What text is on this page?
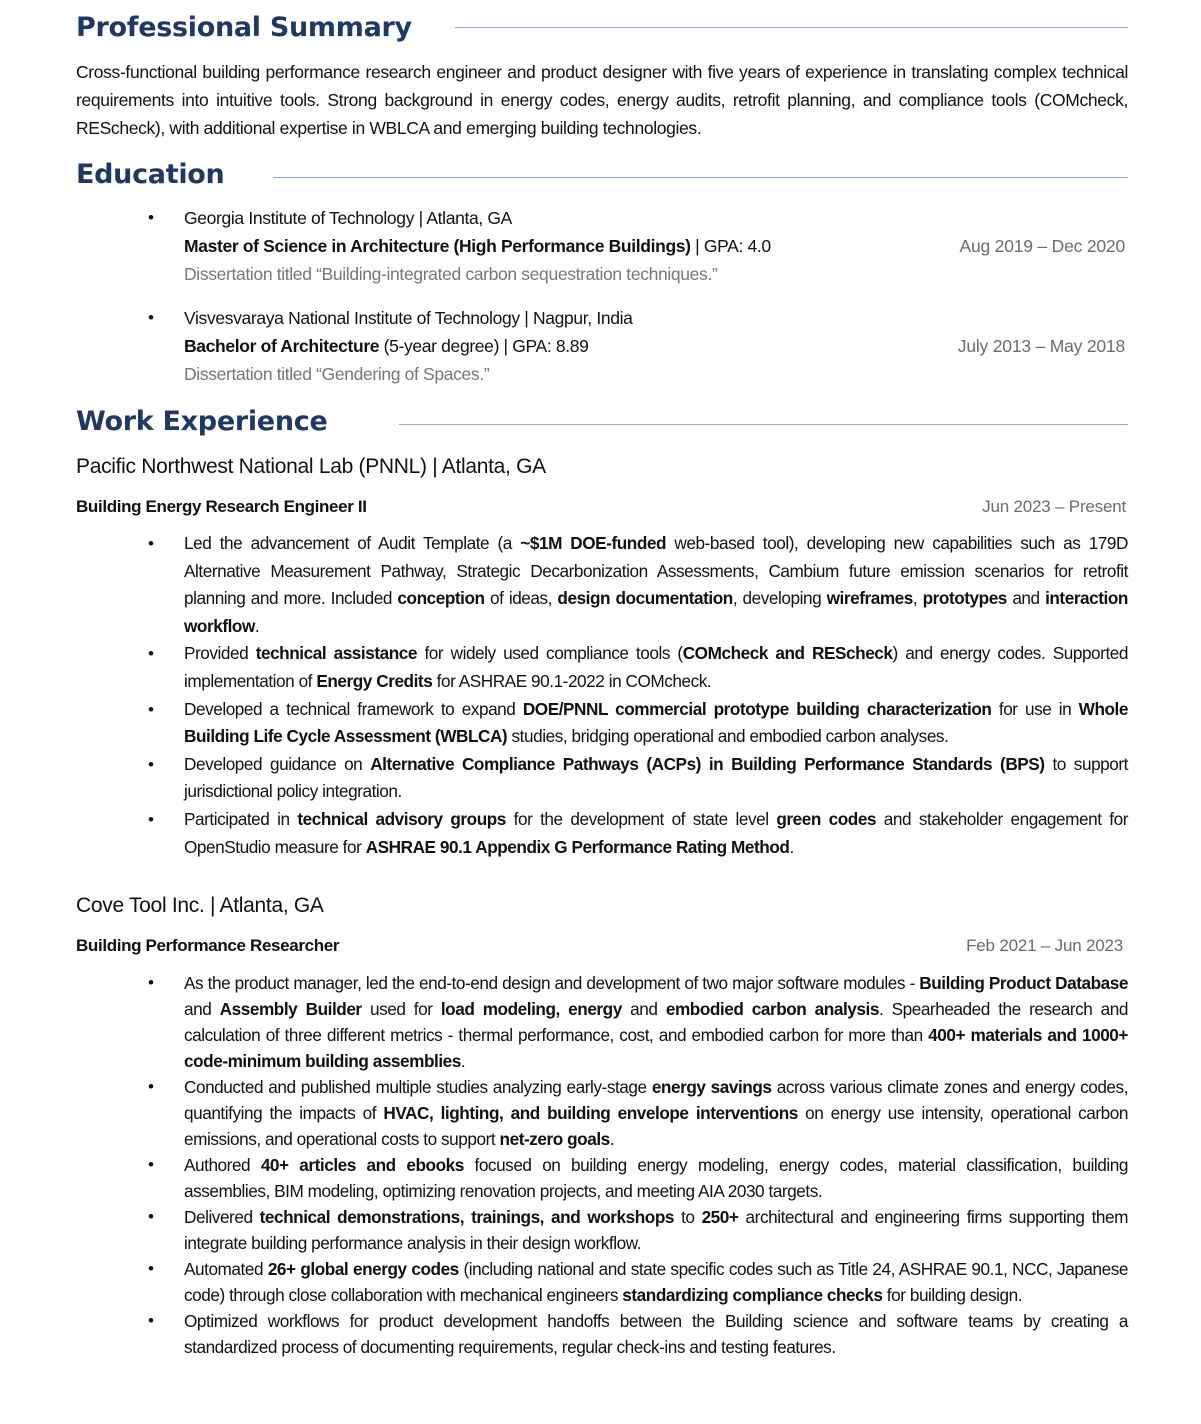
Professional Summary
Cross-functional building performance research engineer and product designer with five years of experience in translating complex technical requirements into intuitive tools. Strong background in energy codes, energy audits, retrofit planning, and compliance tools (COMcheck, REScheck), with additional expertise in WBLCA and emerging building technologies.
Education
• Georgia Institute of Technology | Atlanta, GA
Master of Science in Architecture (High Performance Buildings) | GPA: 4.0	Aug 2019 – Dec 2020
Dissertation titled “Building-integrated carbon sequestration techniques.”
• Visvesvaraya National Institute of Technology | Nagpur, India
Bachelor of Architecture (5-year degree) | GPA: 8.89	July 2013 – May 2018
Dissertation titled “Gendering of Spaces.”
Work Experience
Pacific Northwest National Lab (PNNL) | Atlanta, GA
Building Energy Research Engineer II	Jun 2023 – Present
• Led the advancement of Audit Template (a ~$1M DOE-funded web-based tool), developing new capabilities such as 179D Alternative Measurement Pathway, Strategic Decarbonization Assessments, Cambium future emission scenarios for retrofit planning and more. Included conception of ideas, design documentation, developing wireframes, prototypes and interaction workflow.
• Provided technical assistance for widely used compliance tools (COMcheck and REScheck) and energy codes. Supported implementation of Energy Credits for ASHRAE 90.1-2022 in COMcheck.
• Developed a technical framework to expand DOE/PNNL commercial prototype building characterization for use in Whole Building Life Cycle Assessment (WBLCA) studies, bridging operational and embodied carbon analyses.
• Developed guidance on Alternative Compliance Pathways (ACPs) in Building Performance Standards (BPS) to support jurisdictional policy integration.
• Participated in technical advisory groups for the development of state level green codes and stakeholder engagement for OpenStudio measure for ASHRAE 90.1 Appendix G Performance Rating Method.
Cove Tool Inc. | Atlanta, GA
Building Performance Researcher	Feb 2021 – Jun 2023
• As the product manager, led the end-to-end design and development of two major software modules - Building Product Database and Assembly Builder used for load modeling, energy and embodied carbon analysis. Spearheaded the research and calculation of three different metrics - thermal performance, cost, and embodied carbon for more than 400+ materials and 1000+ code-minimum building assemblies.
• Conducted and published multiple studies analyzing early-stage energy savings across various climate zones and energy codes, quantifying the impacts of HVAC, lighting, and building envelope interventions on energy use intensity, operational carbon emissions, and operational costs to support net-zero goals.
• Authored 40+ articles and ebooks focused on building energy modeling, energy codes, material classification, building assemblies, BIM modeling, optimizing renovation projects, and meeting AIA 2030 targets.
• Delivered technical demonstrations, trainings, and workshops to 250+ architectural and engineering firms supporting them integrate building performance analysis in their design workflow.
• Automated 26+ global energy codes (including national and state specific codes such as Title 24, ASHRAE 90.1, NCC, Japanese code) through close collaboration with mechanical engineers standardizing compliance checks for building design.
• Optimized workflows for product development handoffs between the Building science and software teams by creating a standardized process of documenting requirements, regular check-ins and testing features.
